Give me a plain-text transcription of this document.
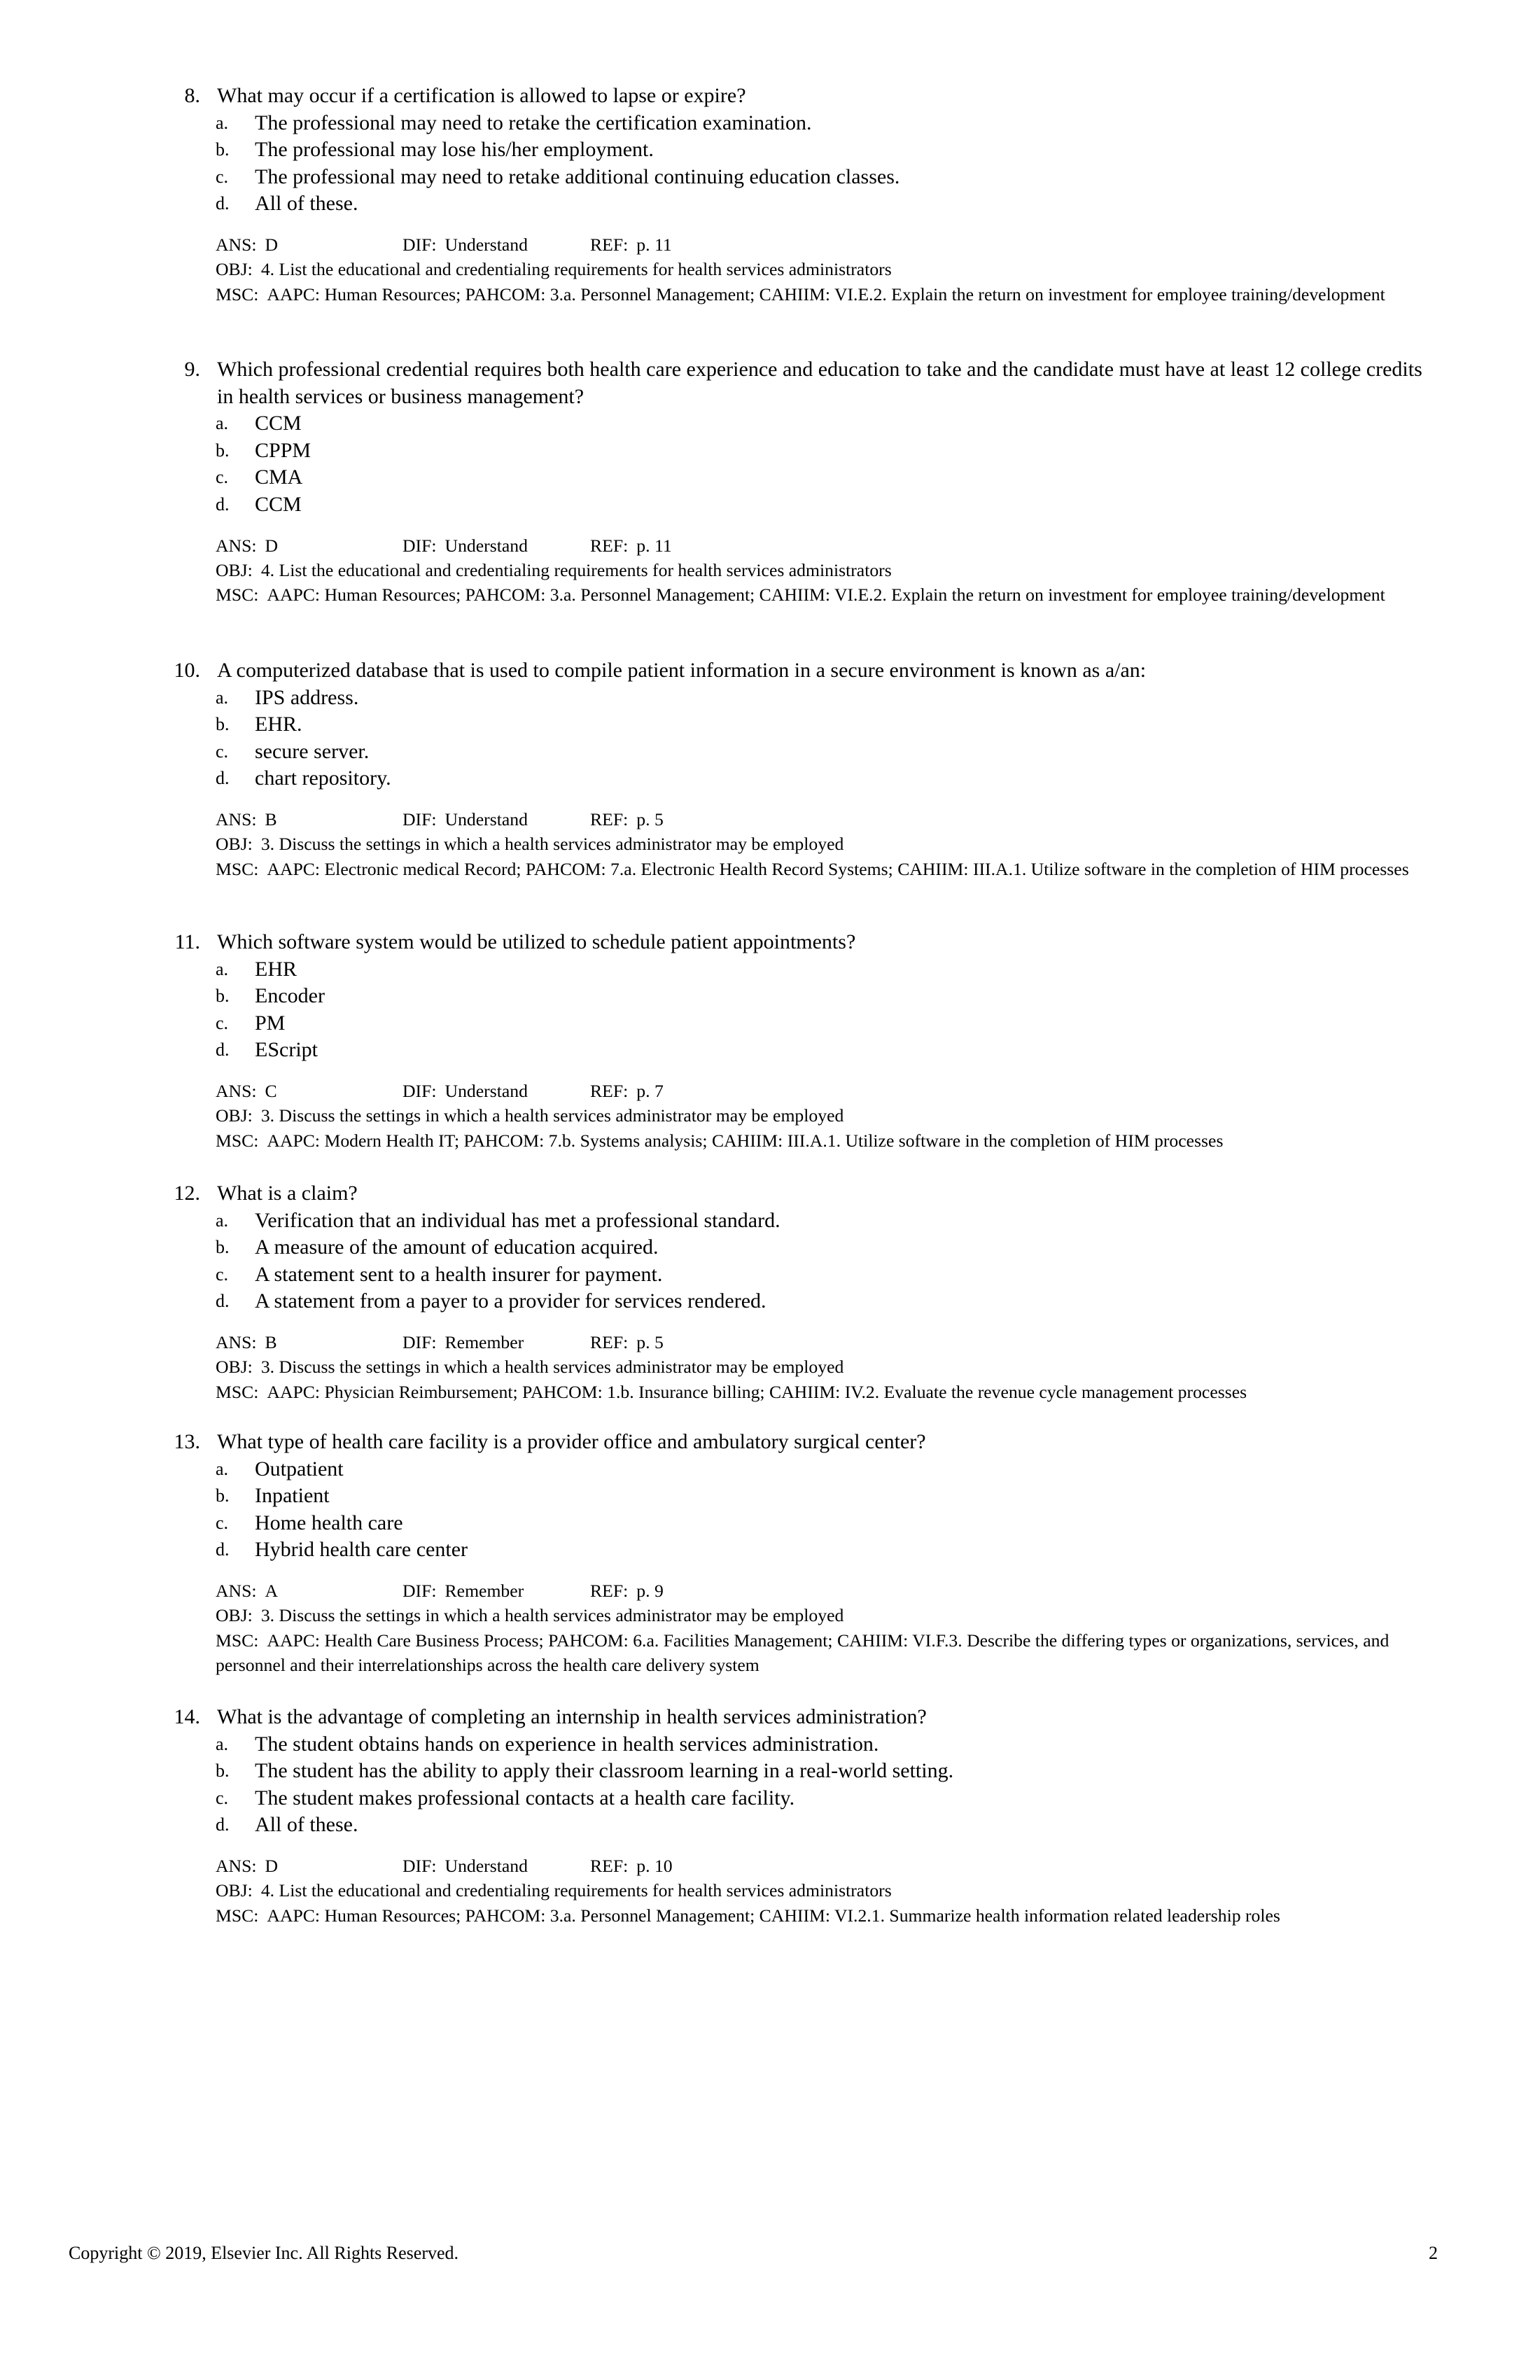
8. What may occur if a certification is allowed to lapse or expire?
a.	The professional may need to retake the certification examination.
b.	The professional may lose his/her employment.
c.	The professional may need to retake additional continuing education classes.
d.	All of these.
ANS: D	DIF: Understand	REF: p. 11
OBJ: 4. List the educational and credentialing requirements for health services administrators
MSC: AAPC: Human Resources; PAHCOM: 3.a. Personnel Management; CAHIIM: VI.E.2. Explain the return on investment for employee training/development
9. Which professional credential requires both health care experience and education to take and the candidate must have at least 12 college credits in health services or business management?
a.	CCM
b.	CPPM
c.	CMA
d.	CCM
ANS: D	DIF: Understand	REF: p. 11
OBJ: 4. List the educational and credentialing requirements for health services administrators
MSC: AAPC: Human Resources; PAHCOM: 3.a. Personnel Management; CAHIIM: VI.E.2. Explain the return on investment for employee training/development
10. A computerized database that is used to compile patient information in a secure environment is known as a/an:
a.	IPS address.
b.	EHR.
c.	secure server.
d.	chart repository.
ANS: B	DIF: Understand	REF: p. 5
OBJ: 3. Discuss the settings in which a health services administrator may be employed
MSC: AAPC: Electronic medical Record; PAHCOM: 7.a. Electronic Health Record Systems; CAHIIM: III.A.1. Utilize software in the completion of HIM processes
11. Which software system would be utilized to schedule patient appointments?
a.	EHR
b.	Encoder
c.	PM
d.	EScript
ANS: C	DIF: Understand	REF: p. 7
OBJ: 3. Discuss the settings in which a health services administrator may be employed
MSC: AAPC: Modern Health IT; PAHCOM: 7.b. Systems analysis; CAHIIM: III.A.1. Utilize software in the completion of HIM processes
12. What is a claim?
a.	Verification that an individual has met a professional standard.
b.	A measure of the amount of education acquired.
c.	A statement sent to a health insurer for payment.
d.	A statement from a payer to a provider for services rendered.
ANS: B	DIF: Remember	REF: p. 5
OBJ: 3. Discuss the settings in which a health services administrator may be employed
MSC: AAPC: Physician Reimbursement; PAHCOM: 1.b. Insurance billing; CAHIIM: IV.2. Evaluate the revenue cycle management processes
13. What type of health care facility is a provider office and ambulatory surgical center?
a.	Outpatient
b.	Inpatient
c.	Home health care
d.	Hybrid health care center
ANS: A	DIF: Remember	REF: p. 9
OBJ: 3. Discuss the settings in which a health services administrator may be employed
MSC: AAPC: Health Care Business Process; PAHCOM: 6.a. Facilities Management; CAHIIM: VI.F.3. Describe the differing types or organizations, services, and personnel and their interrelationships across the health care delivery system
14. What is the advantage of completing an internship in health services administration?
a.	The student obtains hands on experience in health services administration.
b.	The student has the ability to apply their classroom learning in a real-world setting.
c.	The student makes professional contacts at a health care facility.
d.	All of these.
ANS: D	DIF: Understand	REF: p. 10
OBJ: 4. List the educational and credentialing requirements for health services administrators
MSC: AAPC: Human Resources; PAHCOM: 3.a. Personnel Management; CAHIIM: VI.2.1. Summarize health information related leadership roles
Copyright © 2019, Elsevier Inc. All Rights Reserved.	2
